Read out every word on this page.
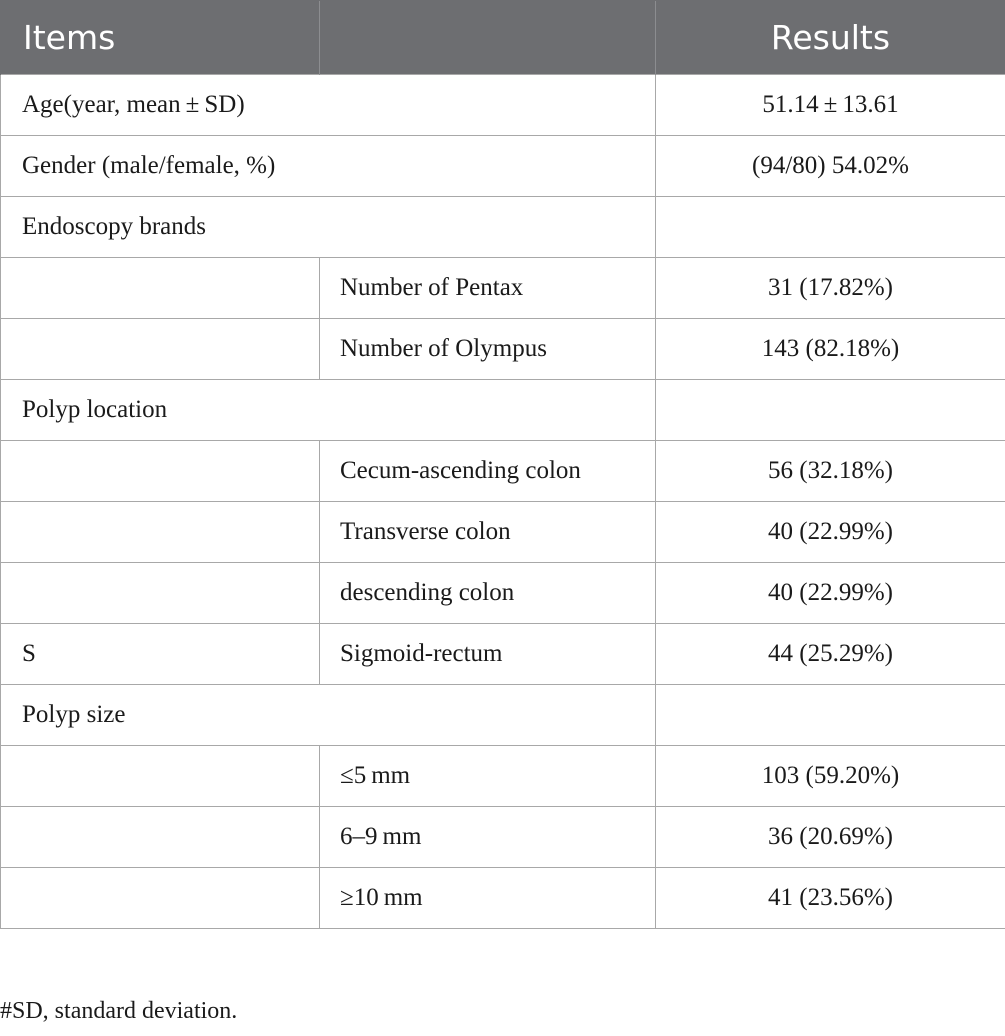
Items		Results
Age(year, mean ± SD)		51.14 ± 13.61
Gender (male/female, %)		(94/80) 54.02%
Endoscopy brands		
	Number of Pentax	31 (17.82%)
	Number of Olympus	143 (82.18%)
Polyp location		
	Cecum-ascending colon	56 (32.18%)
	Transverse colon	40 (22.99%)
	descending colon	40 (22.99%)
S	Sigmoid-rectum	44 (25.29%)
Polyp size		
	≤5 mm	103 (59.20%)
	6–9 mm	36 (20.69%)
	≥10 mm	41 (23.56%)
#SD, standard deviation.
